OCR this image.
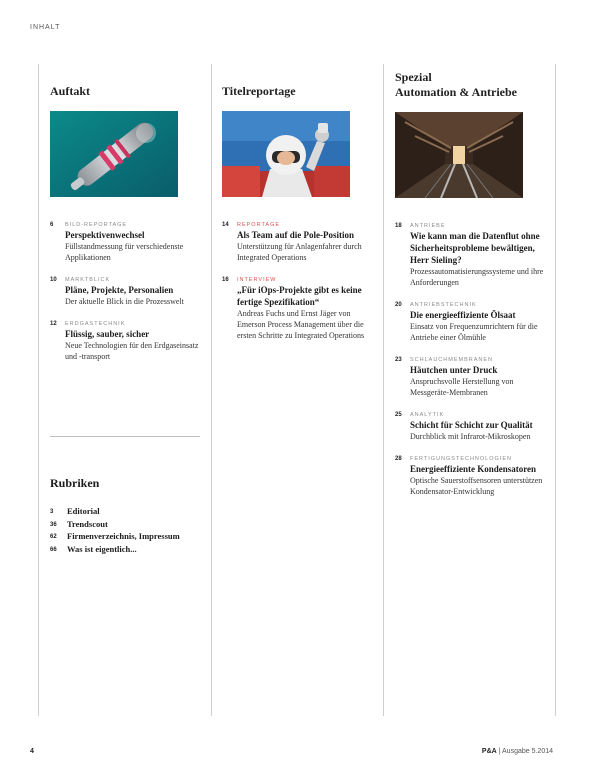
INHALT
Auftakt
6 BILD-REPORTAGE
Perspektivenwechsel
Füllstandmessung für verschiedenste Applikationen
10 MARKTBLICK
Pläne, Projekte, Personalien
Der aktuelle Blick in die Prozesswelt
12 ERDGASTECHNIK
Flüssig, sauber, sicher
Neue Technologien für den Erdgaseinsatz und -transport
Titelreportage
14 REPORTAGE
Als Team auf die Pole-Position
Unterstützung für Anlagenfahrer durch Integrated Operations
16 INTERVIEW
„Für iOps-Projekte gibt es keine fertige Spezifikation“
Andreas Fuchs und Ernst Jäger von Emerson Process Management über die ersten Schritte zu Integrated Operations
Spezial
Automation & Antriebe
18 ANTRIEBE
Wie kann man die Datenflut ohne Sicherheitsprobleme bewältigen, Herr Sieling?
Prozessautomatisierungssysteme und ihre Anforderungen
20 ANTRIEBSTECHNIK
Die energieeffiziente Ölsaat
Einsatz von Frequenzumrichtern für die Antriebe einer Ölmühle
23 SCHLAUCHMEMBRANEN
Häutchen unter Druck
Anspruchsvolle Herstellung von Messgeräte-Membranen
25 ANALYTIK
Schicht für Schicht zur Qualität
Durchblick mit Infrarot-Mikroskopen
28 FERTIGUNGSTECHNOLOGIEN
Energieeffiziente Kondensatoren
Optische Sauerstoffsensoren unterstützen Kondensator-Entwicklung
Rubriken
3 Editorial
36 Trendscout
62 Firmenverzeichnis, Impressum
66 Was ist eigentlich...
4	P&A | Ausgabe 5.2014
